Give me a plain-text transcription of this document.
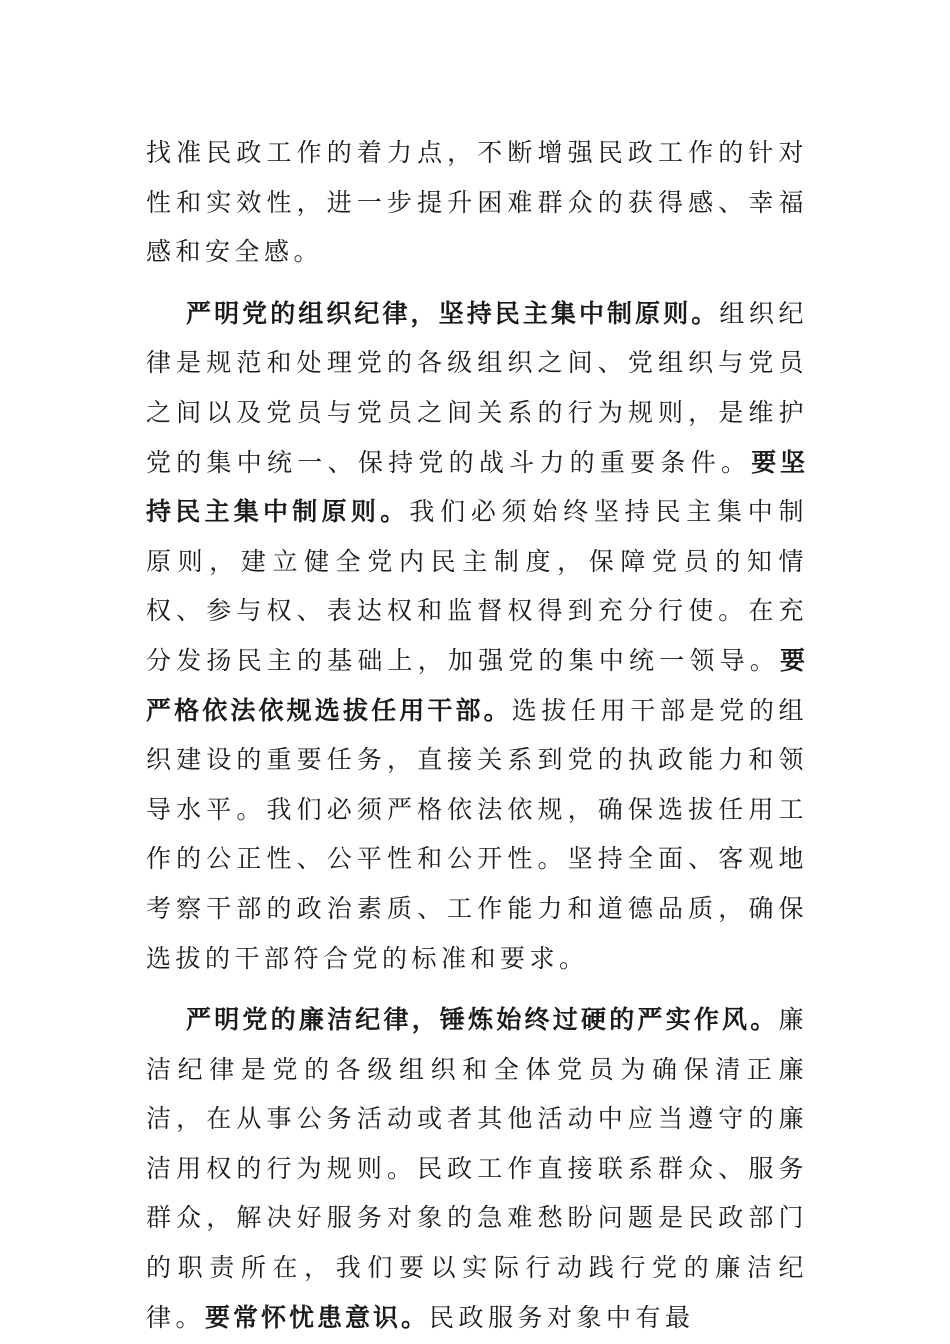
找准民政工作的着力点，不断增强民政工作的针对性和实效性，进一步提升困难群众的获得感、幸福感和安全感。

严明党的组织纪律，坚持民主集中制原则。组织纪律是规范和处理党的各级组织之间、党组织与党员之间以及党员与党员之间关系的行为规则，是维护党的集中统一、保持党的战斗力的重要条件。要坚持民主集中制原则。我们必须始终坚持民主集中制原则，建立健全党内民主制度，保障党员的知情权、参与权、表达权和监督权得到充分行使。在充分发扬民主的基础上，加强党的集中统一领导。要严格依法依规选拔任用干部。选拔任用干部是党的组织建设的重要任务，直接关系到党的执政能力和领导水平。我们必须严格依法依规，确保选拔任用工作的公正性、公平性和公开性。坚持全面、客观地考察干部的政治素质、工作能力和道德品质，确保选拔的干部符合党的标准和要求。

严明党的廉洁纪律，锤炼始终过硬的严实作风。廉洁纪律是党的各级组织和全体党员为确保清正廉洁，在从事公务活动或者其他活动中应当遵守的廉洁用权的行为规则。民政工作直接联系群众、服务群众，解决好服务对象的急难愁盼问题是民政部门的职责所在，我们要以实际行动践行党的廉洁纪律。要常怀忧患意识。民政服务对象中有最
